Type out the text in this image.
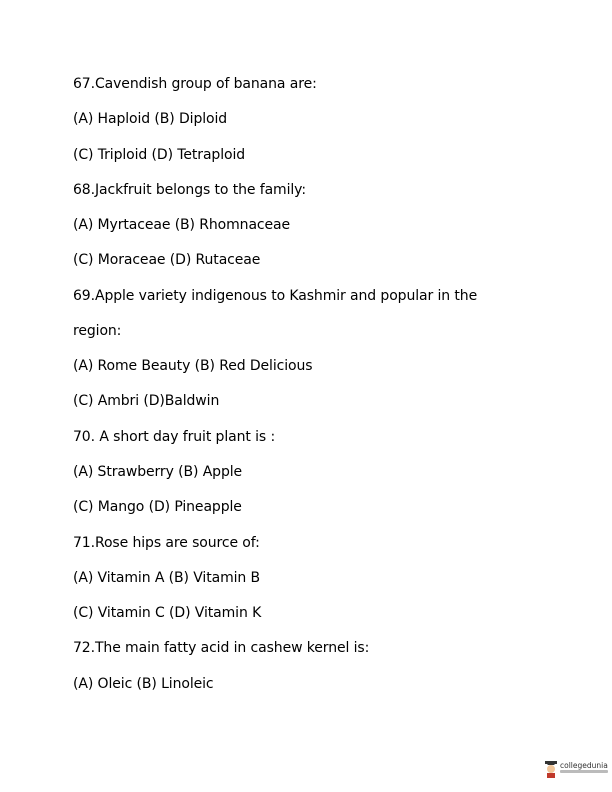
67.Cavendish group of banana are:
(A) Haploid (B) Diploid
(C) Triploid (D) Tetraploid
68.Jackfruit belongs to the family:
(A) Myrtaceae (B) Rhomnaceae
(C) Moraceae (D) Rutaceae
69.Apple variety indigenous to Kashmir and popular in the
region:
(A) Rome Beauty (B) Red Delicious
(C) Ambri (D)Baldwin
70. A short day fruit plant is :
(A) Strawberry (B) Apple
(C) Mango (D) Pineapple
71.Rose hips are source of:
(A) Vitamin A (B) Vitamin B
(C) Vitamin C (D) Vitamin K
72.The main fatty acid in cashew kernel is:
(A) Oleic (B) Linoleic
collegedunia
